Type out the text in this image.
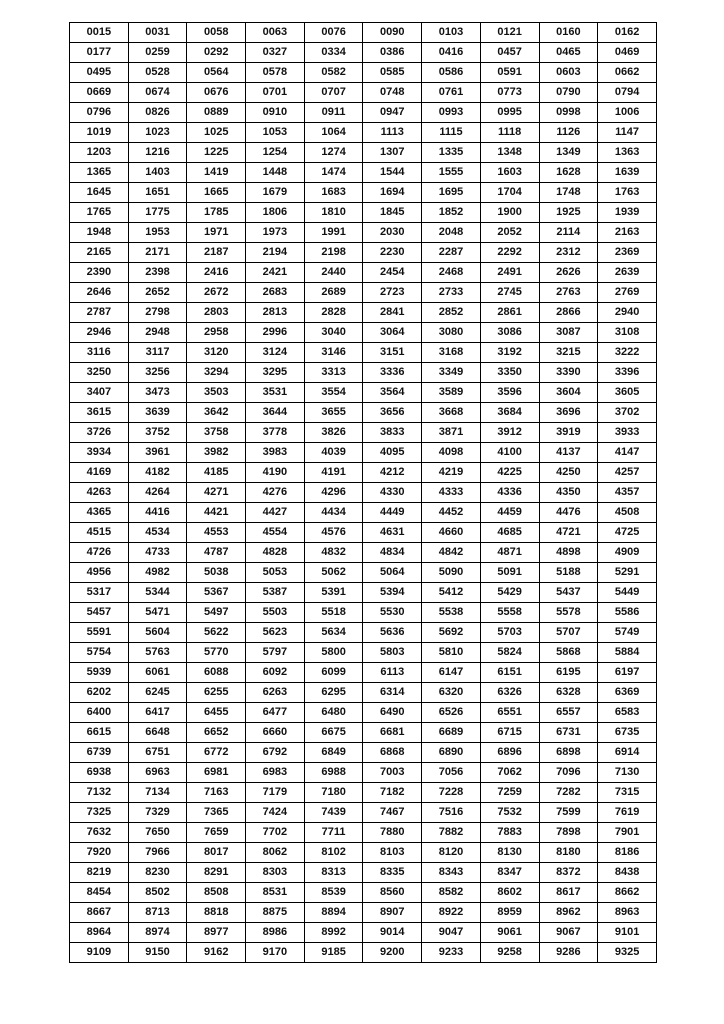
0015	0031	0058	0063	0076	0090	0103	0121	0160	0162
0177	0259	0292	0327	0334	0386	0416	0457	0465	0469
0495	0528	0564	0578	0582	0585	0586	0591	0603	0662
0669	0674	0676	0701	0707	0748	0761	0773	0790	0794
0796	0826	0889	0910	0911	0947	0993	0995	0998	1006
1019	1023	1025	1053	1064	1113	1115	1118	1126	1147
1203	1216	1225	1254	1274	1307	1335	1348	1349	1363
1365	1403	1419	1448	1474	1544	1555	1603	1628	1639
1645	1651	1665	1679	1683	1694	1695	1704	1748	1763
1765	1775	1785	1806	1810	1845	1852	1900	1925	1939
1948	1953	1971	1973	1991	2030	2048	2052	2114	2163
2165	2171	2187	2194	2198	2230	2287	2292	2312	2369
2390	2398	2416	2421	2440	2454	2468	2491	2626	2639
2646	2652	2672	2683	2689	2723	2733	2745	2763	2769
2787	2798	2803	2813	2828	2841	2852	2861	2866	2940
2946	2948	2958	2996	3040	3064	3080	3086	3087	3108
3116	3117	3120	3124	3146	3151	3168	3192	3215	3222
3250	3256	3294	3295	3313	3336	3349	3350	3390	3396
3407	3473	3503	3531	3554	3564	3589	3596	3604	3605
3615	3639	3642	3644	3655	3656	3668	3684	3696	3702
3726	3752	3758	3778	3826	3833	3871	3912	3919	3933
3934	3961	3982	3983	4039	4095	4098	4100	4137	4147
4169	4182	4185	4190	4191	4212	4219	4225	4250	4257
4263	4264	4271	4276	4296	4330	4333	4336	4350	4357
4365	4416	4421	4427	4434	4449	4452	4459	4476	4508
4515	4534	4553	4554	4576	4631	4660	4685	4721	4725
4726	4733	4787	4828	4832	4834	4842	4871	4898	4909
4956	4982	5038	5053	5062	5064	5090	5091	5188	5291
5317	5344	5367	5387	5391	5394	5412	5429	5437	5449
5457	5471	5497	5503	5518	5530	5538	5558	5578	5586
5591	5604	5622	5623	5634	5636	5692	5703	5707	5749
5754	5763	5770	5797	5800	5803	5810	5824	5868	5884
5939	6061	6088	6092	6099	6113	6147	6151	6195	6197
6202	6245	6255	6263	6295	6314	6320	6326	6328	6369
6400	6417	6455	6477	6480	6490	6526	6551	6557	6583
6615	6648	6652	6660	6675	6681	6689	6715	6731	6735
6739	6751	6772	6792	6849	6868	6890	6896	6898	6914
6938	6963	6981	6983	6988	7003	7056	7062	7096	7130
7132	7134	7163	7179	7180	7182	7228	7259	7282	7315
7325	7329	7365	7424	7439	7467	7516	7532	7599	7619
7632	7650	7659	7702	7711	7880	7882	7883	7898	7901
7920	7966	8017	8062	8102	8103	8120	8130	8180	8186
8219	8230	8291	8303	8313	8335	8343	8347	8372	8438
8454	8502	8508	8531	8539	8560	8582	8602	8617	8662
8667	8713	8818	8875	8894	8907	8922	8959	8962	8963
8964	8974	8977	8986	8992	9014	9047	9061	9067	9101
9109	9150	9162	9170	9185	9200	9233	9258	9286	9325
